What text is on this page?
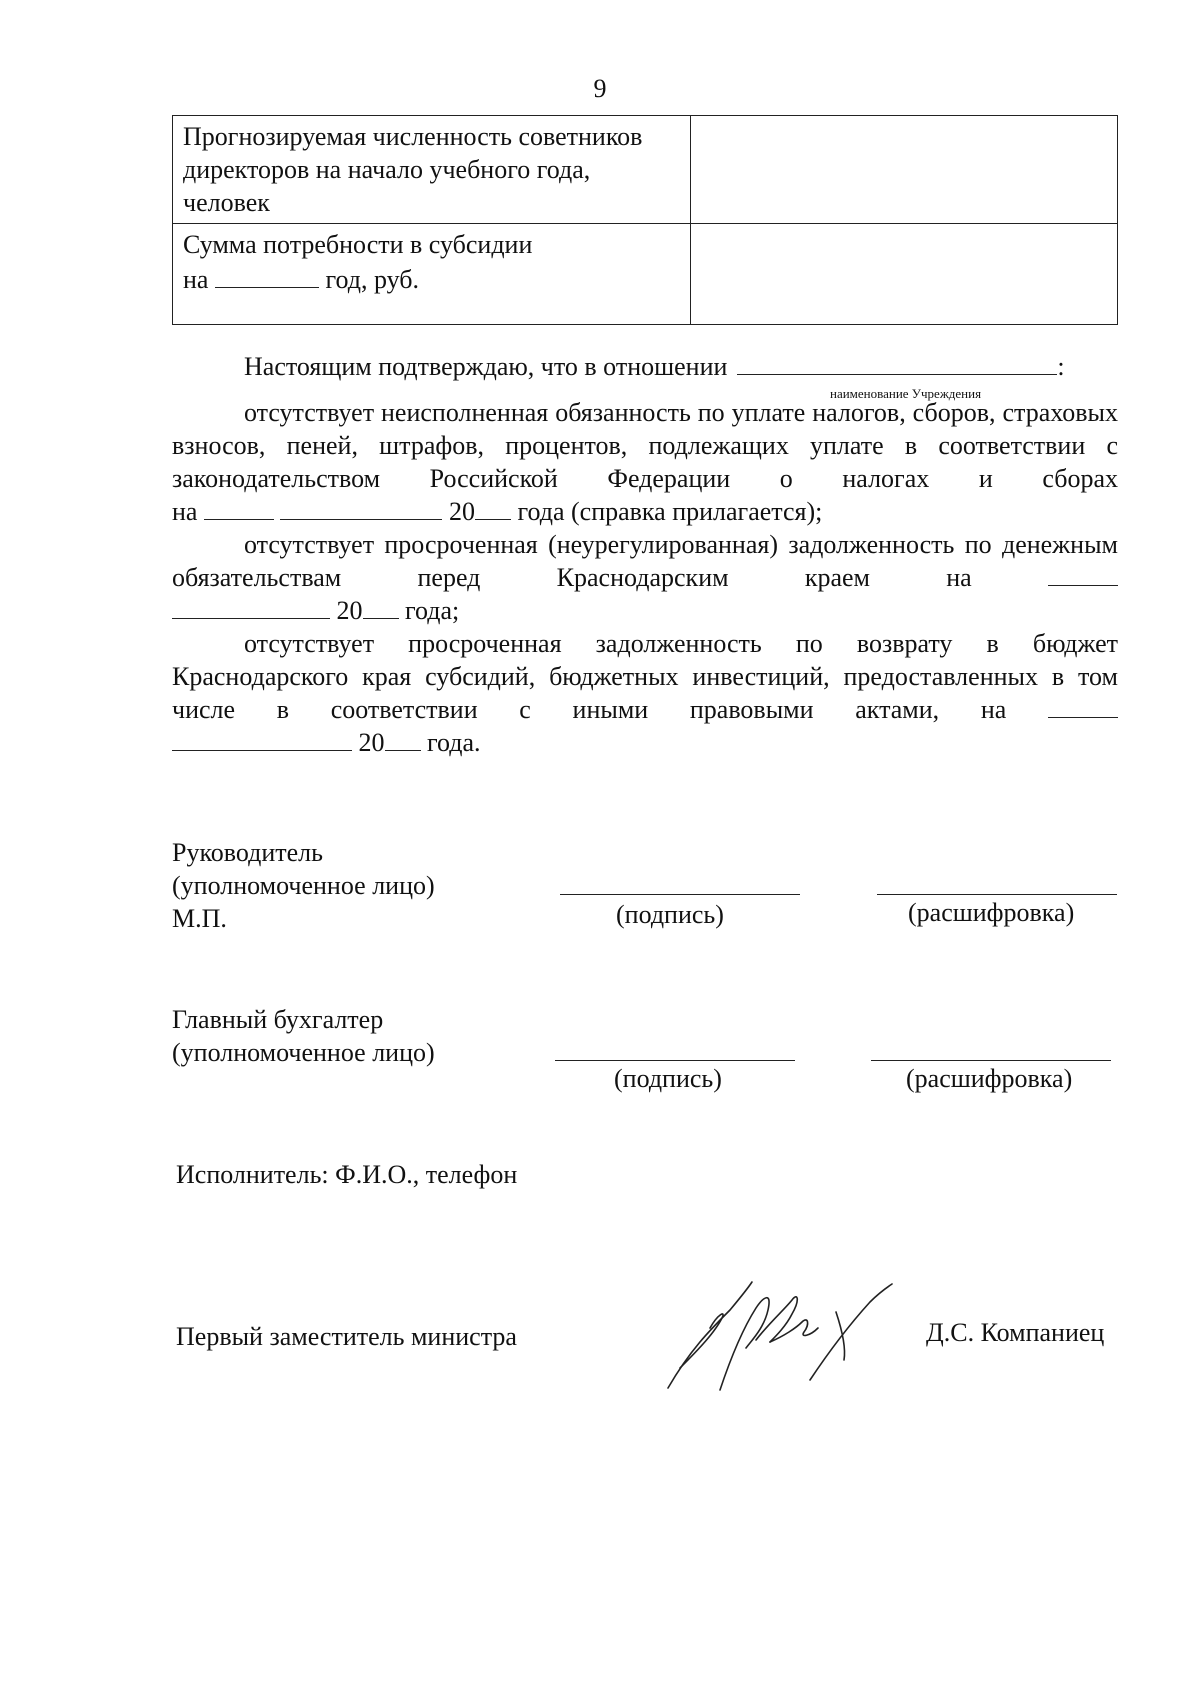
9
Прогнозируемая численность советников директоров на начало учебного года, человек	
Сумма потребности в субсидии
на год, руб.	
Настоящим подтверждаю, что в отношении	:
наименование Учреждения

отсутствует неисполненная обязанность по уплате налогов, сборов, страховых взносов, пеней, штрафов, процентов, подлежащих уплате в соответствии с законодательством Российской Федерации о налогах и сборах

на	20 года (справка прилагается);

отсутствует просроченная (неурегулированная) задолженность по денежным обязательствам перед Краснодарским краем на

20 года;

отсутствует просроченная задолженность по возврату в бюджет Краснодарского края субсидий, бюджетных инвестиций, предоставленных в том числе в соответствии с иными правовыми актами, на

20 года.

Руководитель
(уполномоченное лицо)
М.П.	(подпись)	(расшифровка)
Главный бухгалтер
(уполномоченное лицо)
(подпись)	(расшифровка)
Исполнитель: Ф.И.О., телефон
Первый заместитель министра	Д.С. Компаниец
